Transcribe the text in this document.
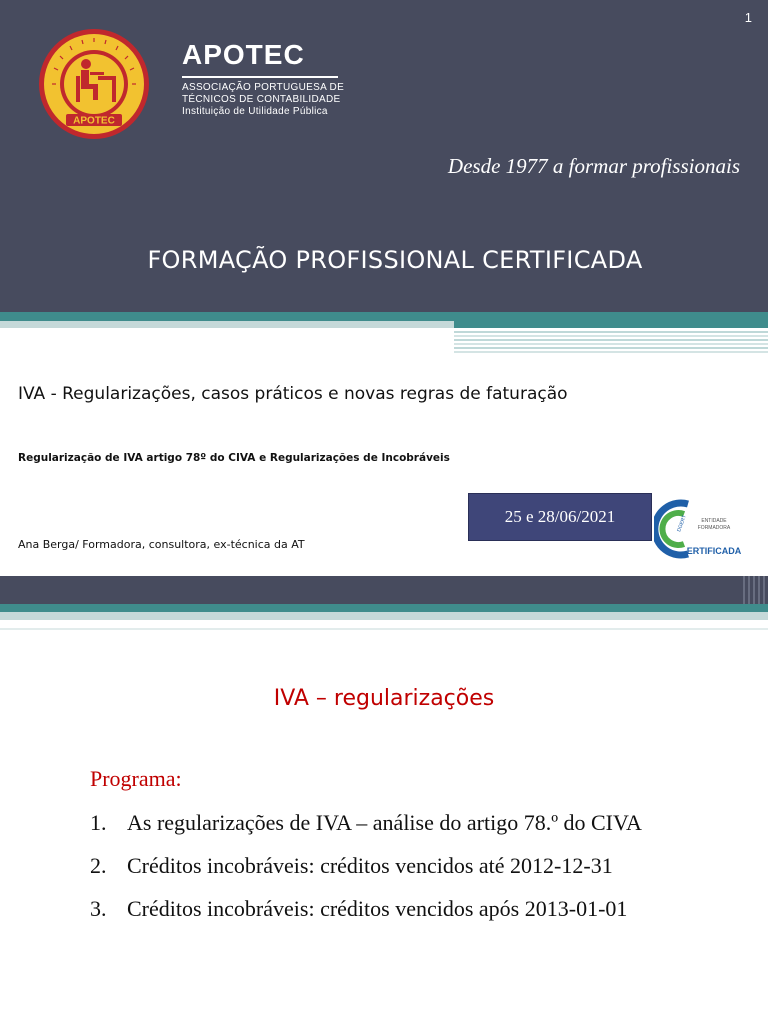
1
APOTEC
APOTEC
ASSOCIAÇÃO PORTUGUESA DE
TÉCNICOS DE CONTABILIDADE
Instituição de Utilidade Pública
Desde 1977 a formar profissionais
FORMAÇÃO PROFISSIONAL CERTIFICADA
IVA - Regularizações, casos práticos e novas regras de faturação
Regularização de IVA artigo 78º do CIVA e Regularizações de Incobráveis
Ana Berga/ Formadora, consultora, ex-técnica da AT
25 e 28/06/2021	DGERT	ENTIDADE
FORMADORA
ERTIFICADA
IVA – regularizações
Programa:
1. As regularizações de IVA – análise do artigo 78.º do CIVA
2. Créditos incobráveis: créditos vencidos até 2012-12-31
3. Créditos incobráveis: créditos vencidos após 2013-01-01
